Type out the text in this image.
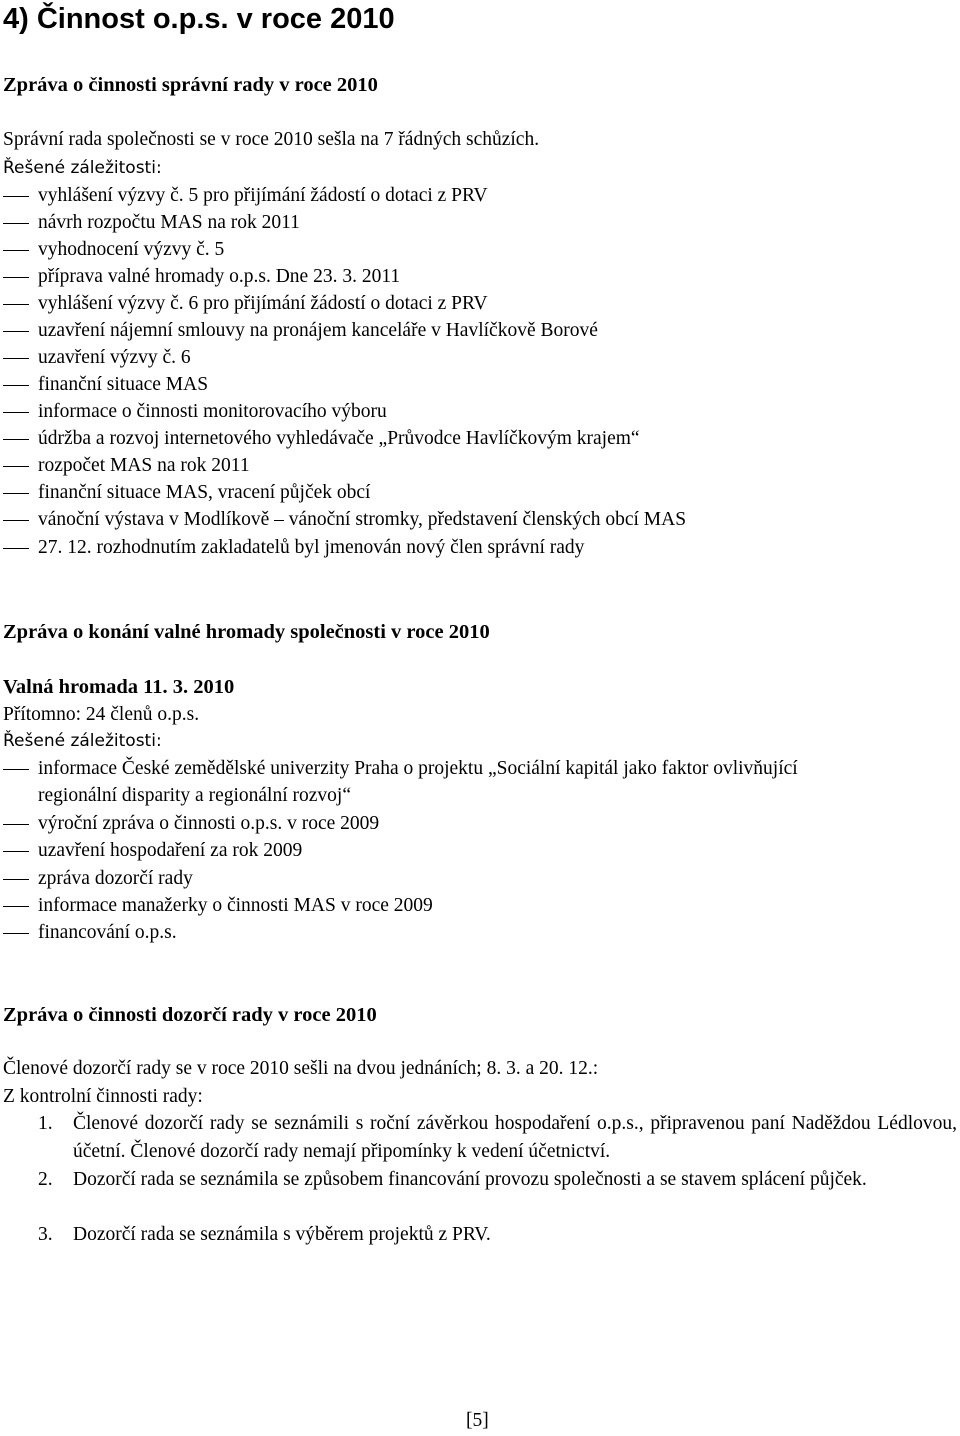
4) Činnost o.p.s. v roce 2010
Zpráva o činnosti správní rady v roce 2010
Správní rada společnosti se v roce 2010 sešla na 7 řádných schůzích.
Řešené záležitosti:
vyhlášení výzvy č. 5 pro přijímání žádostí o dotaci z PRV
návrh rozpočtu MAS na rok 2011
vyhodnocení výzvy č. 5
příprava valné hromady o.p.s. Dne 23. 3. 2011
vyhlášení výzvy č. 6 pro přijímání žádostí o dotaci z PRV
uzavření nájemní smlouvy na pronájem kanceláře v Havlíčkově Borové
uzavření výzvy č. 6
finanční situace MAS
informace o činnosti monitorovacího výboru
údržba a rozvoj internetového vyhledávače „Průvodce Havlíčkovým krajem“
rozpočet MAS na rok 2011
finanční situace MAS, vracení půjček obcí
vánoční výstava v Modlíkově – vánoční stromky, představení členských obcí MAS
27. 12. rozhodnutím zakladatelů byl jmenován nový člen správní rady
Zpráva o konání valné hromady společnosti v roce 2010
Valná hromada 11. 3. 2010
Přítomno: 24 členů o.p.s.
Řešené záležitosti:
informace České zemědělské univerzity Praha o projektu „Sociální kapitál jako faktor ovlivňující regionální disparity a regionální rozvoj“
výroční zpráva o činnosti o.p.s. v roce 2009
uzavření hospodaření za rok 2009
zpráva dozorčí rady
informace manažerky o činnosti MAS v roce 2009
financování o.p.s.
Zpráva o činnosti dozorčí rady v roce 2010
Členové dozorčí rady se v roce 2010 sešli na dvou jednáních; 8. 3. a 20. 12.:
Z kontrolní činnosti rady:
1. Členové dozorčí rady se seznámili s roční závěrkou hospodaření o.p.s., připravenou paní Naděždou Lédlovou, účetní. Členové dozorčí rady nemají připomínky k vedení účetnictví.
2. Dozorčí rada se seznámila se způsobem financování provozu společnosti a se stavem splácení půjček.
3. Dozorčí rada se seznámila s výběrem projektů z PRV.
[5]
